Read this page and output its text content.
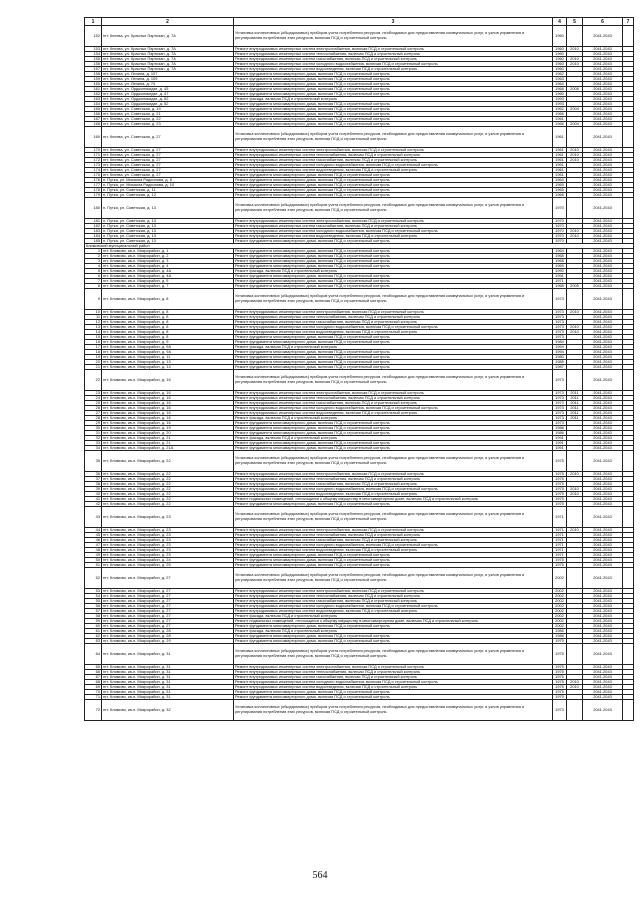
1	2	3	4	5	6	7
152	пгт. Кпятва, ул. Красных Партизан, д. 7А	Установка коллективных (общедомовых) приборов учета потребления ресурсов, необходимых для предоставления коммунальных услуг, и узлов управления и регулирования потребления этих ресурсов, включая ПСД и строительный контроль	1960		2041-2043	
153	пгт. Кпятва, ул. Красных Партизан, д. 7А	Ремонт внутридомовых инженерных систем электроснабжения, включая ПСД и строительный контроль	1960	2010	2041-2043	
154	пгт. Кпятва, ул. Красных Партизан, д. 7А	Ремонт внутридомовых инженерных систем теплоснабжения, включая ПСД и строительный контроль	1960		2041-2043	
155	пгт. Кпятва, ул. Красных Партизан, д. 7А	Ремонт внутридомовых инженерных систем газоснабжения, включая ПСД и строительный контроль	1960	2010	2041-2043	
156	пгт. Кпятва, ул. Красных Партизан, д. 7А	Ремонт внутридомовых инженерных систем холодного водоснабжения, включая ПСД и строительный контроль	1960	2010	2041-2043	
157	пгт. Кпятва, ул. Красных Партизан, д. 7А	Ремонт внутридомовых инженерных систем водоотведения, включая ПСД и строительный контроль	1960		2041-2043	
158	пгт. Кпятва, ул. Ленина, д. 107	Ремонт фундамента многоквартирного дома, включая ПСД и строительный контроль	1962		2041-2043	
159	пгт. Кпятва, ул. Ленина, д. 109	Ремонт фундамента многоквартирного дома, включая ПСД и строительный контроль	1963		2041-2043	
160	пгт. Кпятва, ул. Ленина, д. 74	Ремонт фундамента многоквартирного дома, включая ПСД и строительный контроль	1964		2041-2043	
161	пгт. Кпятва, ул. Орджоникидзе, д. 45	Ремонт фундамента многоквартирного дома, включая ПСД и строительный контроль	1968	2008	2041-2043	
162	пгт. Кпятва, ул. Орджоникидзе, д. 47	Ремонт фундамента многоквартирного дома, включая ПСД и строительный контроль	1960		2041-2043	
163	пгт. Кпятва, ул. Орджоникидзе, д. 52	Ремонт фасада, включая ПСД и строительный контроль	1993		2041-2043	
164	пгт. Кпятва, ул. Орджоникидзе, д. 52	Ремонт фундамента многоквартирного дома, включая ПСД и строительный контроль	1993		2041-2043	
165	пгт. Кпятва, ул. Советская, д. 19	Ремонт фундамента многоквартирного дома, включая ПСД и строительный контроль	1962	2004	2041-2043	
166	пгт. Кпятва, ул. Советская, д. 21	Ремонт фундамента многоквартирного дома, включая ПСД и строительный контроль	1966		2041-2043	
167	пгт. Кпятва, ул. Советская, д. 22	Ремонт фундамента многоквартирного дома, включая ПСД и строительный контроль	1961		2041-2043	
168	пгт. Кпятва, ул. Советская, д. 23	Ремонт фундамента многоквартирного дома, включая ПСД и строительный контроль	1966	2004	2041-2043	
169	пгт. Кпятва, ул. Советская, д. 27	Установка коллективных (общедомовых) приборов учета потребления ресурсов, необходимых для предоставления коммунальных услуг, и узлов управления и регулирования потребления этих ресурсов, включая ПСД и строительный контроль	1961		2041-2043	
170	пгт. Кпятва, ул. Советская, д. 27	Ремонт внутридомовых инженерных систем электроснабжения, включая ПСД и строительный контроль	1961	2010	2041-2043	
171	пгт. Кпятва, ул. Советская, д. 27	Ремонт внутридомовых инженерных систем теплоснабжения, включая ПСД и строительный контроль	1961	2010	2041-2043	
172	пгт. Кпятва, ул. Советская, д. 27	Ремонт внутридомовых инженерных систем газоснабжения, включая ПСД и строительный контроль	1961	2010	2041-2043	
173	пгт. Кпятва, ул. Советская, д. 27	Ремонт внутридомовых инженерных систем холодного водоснабжения, включая ПСД и строительный контроль	1961		2041-2043	
174	пгт. Кпятва, ул. Советская, д. 27	Ремонт внутридомовых инженерных систем водоотведения, включая ПСД и строительный контроль	1961		2041-2043	
175	пгт. Кпятва, ул. Советская, д. 27	Ремонт фундамента многоквартирного дома, включая ПСД и строительный контроль	1961		2041-2043	
176	п. Путка, ул. Михаила Радионова, д. 8	Ремонт фундамента многоквартирного дома, включая ПСД и строительный контроль	1964		2041-2043	
177	п. Путка, ул. Михаила Радионова, д. 10	Ремонт фундамента многоквартирного дома, включая ПСД и строительный контроль	1965		2041-2043	
178	п. Путка, ул. Советская, д. 11	Ремонт фундамента многоквартирного дома, включая ПСД и строительный контроль	1965		2041-2043	
179	п. Путка, ул. Советская, д. 12	Ремонт фундамента многоквартирного дома, включая ПСД и строительный контроль	1966		2041-2043	
180	п. Путка, ул. Советская, д. 13	Установка коллективных (общедомовых) приборов учета потребления ресурсов, необходимых для предоставления коммунальных услуг, и узлов управления и регулирования потребления этих ресурсов, включая ПСД и строительный контроль	1970		2041-2043	
181	п. Путка, ул. Советская, д. 13	Ремонт внутридомовых инженерных систем электроснабжения, включая ПСД и строительный контроль	1970		2041-2043	
182	п. Путка, ул. Советская, д. 13	Ремонт внутридомовых инженерных систем газоснабжения, включая ПСД и строительный контроль	1970		2041-2043	
183	п. Путка, ул. Советская, д. 13	Ремонт внутридомовых инженерных систем холодного водоснабжения, включая ПСД и строительный контроль	1970	2010	2041-2043	
184	п. Путка, ул. Советская, д. 13	Ремонт внутридомовых инженерных систем водоотведения, включая ПСД и строительный контроль	1970	2010	2041-2043	
185	п. Путка, ул. Советская, д. 13	Ремонт фундамента многоквартирного дома, включая ПСД и строительный контроль	1970		2041-2043	
Климовский муниципальный район						
1	пгт. Климово, кв-л. Микрорайон, д. 1	Ремонт фундамента многоквартирного дома, включая ПСД и строительный контроль	1964		2041-2043	
2	пгт. Климово, кв-л. Микрорайон, д. 2	Ремонт фундамента многоквартирного дома, включая ПСД и строительный контроль	1968		2041-2043	
3	пгт. Климово, кв-л. Микрорайон, д. 3	Ремонт фундамента многоквартирного дома, включая ПСД и строительный контроль	1968		2041-2043	
4	пгт. Климово, кв-л. Микрорайон, д. 4	Ремонт фундамента многоквартирного дома, включая ПСД и строительный контроль	1969		2041-2043	
5	пгт. Климово, кв-л. Микрорайон, д. 4А	Ремонт фасада, включая ПСД и строительный контроль	1990		2041-2043	
6	пгт. Климово, кв-л. Микрорайон, д. 4А	Ремонт фундамента многоквартирного дома, включая ПСД и строительный контроль	1991		2041-2043	
7	пгт. Климово, кв-л. Микрорайон, д. 5	Ремонт фундамента многоквартирного дома, включая ПСД и строительный контроль	1971		2041-2043	
8	пгт. Климово, кв-л. Микрорайон, д. 7	Ремонт фундамента многоквартирного дома, включая ПСД и строительный контроль	1968	2005	2041-2043	
9	пгт. Климово, кв-л. Микрорайон, д. 8	Установка коллективных (общедомовых) приборов учета потребления ресурсов, необходимых для предоставления коммунальных услуг, и узлов управления и регулирования потребления этих ресурсов, включая ПСД и строительный контроль	1973		2041-2043	
10	пгт. Климово, кв-л. Микрорайон, д. 8	Ремонт внутридомовых инженерных систем электроснабжения, включая ПСД и строительный контроль	1973	2010	2041-2043	
11	пгт. Климово, кв-л. Микрорайон, д. 8	Ремонт внутридомовых инженерных систем теплоснабжения, включая ПСД и строительный контроль	1973		2041-2043	
12	пгт. Климово, кв-л. Микрорайон, д. 8	Ремонт внутридомовых инженерных систем газоснабжения, включая ПСД и строительный контроль	1973		2041-2043	
13	пгт. Климово, кв-л. Микрорайон, д. 8	Ремонт внутридомовых инженерных систем холодного водоснабжения, включая ПСД и строительный контроль	1973	2010	2041-2043	
14	пгт. Климово, кв-л. Микрорайон, д. 8	Ремонт внутридомовых инженерных систем водоотведения, включая ПСД и строительный контроль	1973	2010	2041-2043	
15	пгт. Климово, кв-л. Микрорайон, д. 8	Ремонт фундамента многоквартирного дома, включая ПСД и строительный контроль	1973		2041-2043	
16	пгт. Климово, кв-л. Микрорайон, д. 9	Ремонт фундамента многоквартирного дома, включая ПСД и строительный контроль	1984		2041-2043	
17	пгт. Климово, кв-л. Микрорайон, д. 9А	Ремонт фасада, включая ПСД и строительный контроль	1994		2041-2043	
18	пгт. Климово, кв-л. Микрорайон, д. 9А	Ремонт фундамента многоквартирного дома, включая ПСД и строительный контроль	1994		2041-2043	
19	пгт. Климово, кв-л. Микрорайон, д. 11	Ремонт фундамента многоквартирного дома, включая ПСД и строительный контроль	1980		2041-2043	
20	пгт. Климово, кв-л. Микрорайон, д. 13	Ремонт фундамента многоквартирного дома, включая ПСД и строительный контроль	1985		2041-2043	
21	пгт. Климово, кв-л. Микрорайон, д. 14	Ремонт фундамента многоквартирного дома, включая ПСД и строительный контроль	1987		2041-2043	
22	пгт. Климово, кв-л. Микрорайон, д. 16	Установка коллективных (общедомовых) приборов учета потребления ресурсов, необходимых для предоставления коммунальных услуг, и узлов управления и регулирования потребления этих ресурсов, включая ПСД и строительный контроль	1973		2041-2043	
23	пгт. Климово, кв-л. Микрорайон, д. 16	Ремонт внутридомовых инженерных систем электроснабжения, включая ПСД и строительный контроль	1973	2011	2041-2043	
24	пгт. Климово, кв-л. Микрорайон, д. 16	Ремонт внутридомовых инженерных систем теплоснабжения, включая ПСД и строительный контроль	1973	2011	2041-2043	
25	пгт. Климово, кв-л. Микрорайон, д. 16	Ремонт внутридомовых инженерных систем газоснабжения, включая ПСД и строительный контроль	1973	2011	2041-2043	
26	пгт. Климово, кв-л. Микрорайон, д. 16	Ремонт внутридомовых инженерных систем холодного водоснабжения, включая ПСД и строительный контроль	1973	2011	2041-2043	
27	пгт. Климово, кв-л. Микрорайон, д. 16	Ремонт внутридомовых инженерных систем водоотведения, включая ПСД и строительный контроль	1973	2011	2041-2043	
28	пгт. Климово, кв-л. Микрорайон, д. 16	Ремонт фасада, включая ПСД и строительный контроль	1973	2011	2041-2043	
29	пгт. Климово, кв-л. Микрорайон, д. 16	Ремонт фундамента многоквартирного дома, включая ПСД и строительный контроль	1973		2041-2043	
30	пгт. Климово, кв-л. Микрорайон, д. 19	Ремонт фундамента многоквартирного дома, включая ПСД и строительный контроль	1986		2041-2043	
31	пгт. Климово, кв-л. Микрорайон, д. 20	Ремонт фундамента многоквартирного дома, включая ПСД и строительный контроль	1986		2041-2043	
32	пгт. Климово, кв-л. Микрорайон, д. 21	Ремонт фасада, включая ПСД и строительный контроль	1991		2041-2043	
33	пгт. Климово, кв-л. Микрорайон, д. 21	Ремонт фундамента многоквартирного дома, включая ПСД и строительный контроль	1991		2041-2043	
34	пгт. Климово, кв-л. Микрорайон, д. 21А	Ремонт фундамента многоквартирного дома, включая ПСД и строительный контроль	1991		2041-2043	
35	пгт. Климово, кв-л. Микрорайон, д. 22	Установка коллективных (общедомовых) приборов учета потребления ресурсов, необходимых для предоставления коммунальных услуг, и узлов управления и регулирования потребления этих ресурсов, включая ПСД и строительный контроль	1975		2041-2043	
36	пгт. Климово, кв-л. Микрорайон, д. 22	Ремонт внутридомовых инженерных систем электроснабжения, включая ПСД и строительный контроль	1975	2010	2041-2043	
37	пгт. Климово, кв-л. Микрорайон, д. 22	Ремонт внутридомовых инженерных систем теплоснабжения, включая ПСД и строительный контроль	1975		2041-2043	
38	пгт. Климово, кв-л. Микрорайон, д. 22	Ремонт внутридомовых инженерных систем газоснабжения, включая ПСД и строительный контроль	1975		2041-2043	
39	пгт. Климово, кв-л. Микрорайон, д. 22	Ремонт внутридомовых инженерных систем холодного водоснабжения, включая ПСД и строительный контроль	1975	2010	2041-2043	
40	пгт. Климово, кв-л. Микрорайон, д. 22	Ремонт внутридомовых инженерных систем водоотведения, включая ПСД и строительный контроль	1975	2010	2041-2043	
41	пгт. Климово, кв-л. Микрорайон, д. 22	Ремонт подвальных помещений, относящихся к общему имуществу в многоквартирном доме, включая ПСД и строительный контроль	1975		2041-2043	
42	пгт. Климово, кв-л. Микрорайон, д. 22	Ремонт фундамента многоквартирного дома, включая ПСД и строительный контроль	1975		2041-2043	
43	пгт. Климово, кв-л. Микрорайон, д. 23	Установка коллективных (общедомовых) приборов учета потребления ресурсов, необходимых для предоставления коммунальных услуг, и узлов управления и регулирования потребления этих ресурсов, включая ПСД и строительный контроль	1971		2041-2043	
44	пгт. Климово, кв-л. Микрорайон, д. 23	Ремонт внутридомовых инженерных систем электроснабжения, включая ПСД и строительный контроль	1971	2010	2041-2043	
45	пгт. Климово, кв-л. Микрорайон, д. 23	Ремонт внутридомовых инженерных систем теплоснабжения, включая ПСД и строительный контроль	1971		2041-2043	
46	пгт. Климово, кв-л. Микрорайон, д. 23	Ремонт внутридомовых инженерных систем газоснабжения, включая ПСД и строительный контроль	1971		2041-2043	
47	пгт. Климово, кв-л. Микрорайон, д. 23	Ремонт внутридомовых инженерных систем холодного водоснабжения, включая ПСД и строительный контроль	1971		2041-2043	
48	пгт. Климово, кв-л. Микрорайон, д. 23	Ремонт внутридомовых инженерных систем водоотведения, включая ПСД и строительный контроль	1971		2041-2043	
49	пгт. Климово, кв-л. Микрорайон, д. 23	Ремонт фундамента многоквартирного дома, включая ПСД и строительный контроль	1971		2041-2043	
50	пгт. Климово, кв-л. Микрорайон, д. 24	Ремонт фундамента многоквартирного дома, включая ПСД и строительный контроль	1975		2041-2043	
51	пгт. Климово, кв-л. Микрорайон, д. 25	Ремонт фундамента многоквартирного дома, включая ПСД и строительный контроль	1975		2041-2043	
52	пгт. Климово, кв-л. Микрорайон, д. 27	Установка коллективных (общедомовых) приборов учета потребления ресурсов, необходимых для предоставления коммунальных услуг, и узлов управления и регулирования потребления этих ресурсов, включая ПСД и строительный контроль	2002		2041-2043	
53	пгт. Климово, кв-л. Микрорайон, д. 27	Ремонт внутридомовых инженерных систем электроснабжения, включая ПСД и строительный контроль	2002		2041-2043	
54	пгт. Климово, кв-л. Микрорайон, д. 27	Ремонт внутридомовых инженерных систем теплоснабжения, включая ПСД и строительный контроль	2002		2041-2043	
55	пгт. Климово, кв-л. Микрорайон, д. 27	Ремонт внутридомовых инженерных систем газоснабжения, включая ПСД и строительный контроль	2002		2041-2043	
56	пгт. Климово, кв-л. Микрорайон, д. 27	Ремонт внутридомовых инженерных систем холодного водоснабжения, включая ПСД и строительный контроль	2002		2041-2043	
57	пгт. Климово, кв-л. Микрорайон, д. 27	Ремонт внутридомовых инженерных систем водоотведения, включая ПСД и строительный контроль	2002		2041-2043	
58	пгт. Климово, кв-л. Микрорайон, д. 27	Ремонт фасада, включая ПСД и строительный контроль	2002		2041-2043	
59	пгт. Климово, кв-л. Микрорайон, д. 27	Ремонт подвальных помещений, относящихся к общему имуществу в многоквартирном доме, включая ПСД и строительный контроль	2002		2041-2043	
60	пгт. Климово, кв-л. Микрорайон, д. 27	Ремонт фундамента многоквартирного дома, включая ПСД и строительный контроль	2002		2041-2043	
61	пгт. Климово, кв-л. Микрорайон, д. 28	Ремонт фасада, включая ПСД и строительный контроль	1986		2041-2043	
62	пгт. Климово, кв-л. Микрорайон, д. 28	Ремонт фундамента многоквартирного дома, включая ПСД и строительный контроль	1986		2041-2043	
63	пгт. Климово, кв-л. Микрорайон, д. 29	Ремонт фундамента многоквартирного дома, включая ПСД и строительный контроль	1975		2041-2043	
64	пгт. Климово, кв-л. Микрорайон, д. 31	Установка коллективных (общедомовых) приборов учета потребления ресурсов, необходимых для предоставления коммунальных услуг, и узлов управления и регулирования потребления этих ресурсов, включая ПСД и строительный контроль	1975		2041-2043	
65	пгт. Климово, кв-л. Микрорайон, д. 31	Ремонт внутридомовых инженерных систем электроснабжения, включая ПСД и строительный контроль	1975		2041-2043	
66	пгт. Климово, кв-л. Микрорайон, д. 31	Ремонт внутридомовых инженерных систем теплоснабжения, включая ПСД и строительный контроль	1975		2041-2043	
67	пгт. Климово, кв-л. Микрорайон, д. 31	Ремонт внутридомовых инженерных систем газоснабжения, включая ПСД и строительный контроль	1975		2041-2043	
68	пгт. Климово, кв-л. Микрорайон, д. 31	Ремонт внутридомовых инженерных систем холодного водоснабжения, включая ПСД и строительный контроль	1975	2010	2041-2043	
69	пгт. Климово, кв-л. Микрорайон, д. 31	Ремонт внутридомовых инженерных систем водоотведения, включая ПСД и строительный контроль	1975	2010	2041-2043	
70	пгт. Климово, кв-л. Микрорайон, д. 31	Ремонт фундамента многоквартирного дома, включая ПСД и строительный контроль	1975		2041-2043	
71	пгт. Климово, кв-л. Микрорайон, д. 31	Ремонт фундамента многоквартирного дома, включая ПСД и строительный контроль	1975		2041-2043	
72	пгт. Климово, кв-л. Микрорайон, д. 32	Установка коллективных (общедомовых) приборов учета потребления ресурсов, необходимых для предоставления коммунальных услуг, и узлов управления и регулирования потребления этих ресурсов, включая ПСД и строительный контроль	1973		2041-2043	
564
